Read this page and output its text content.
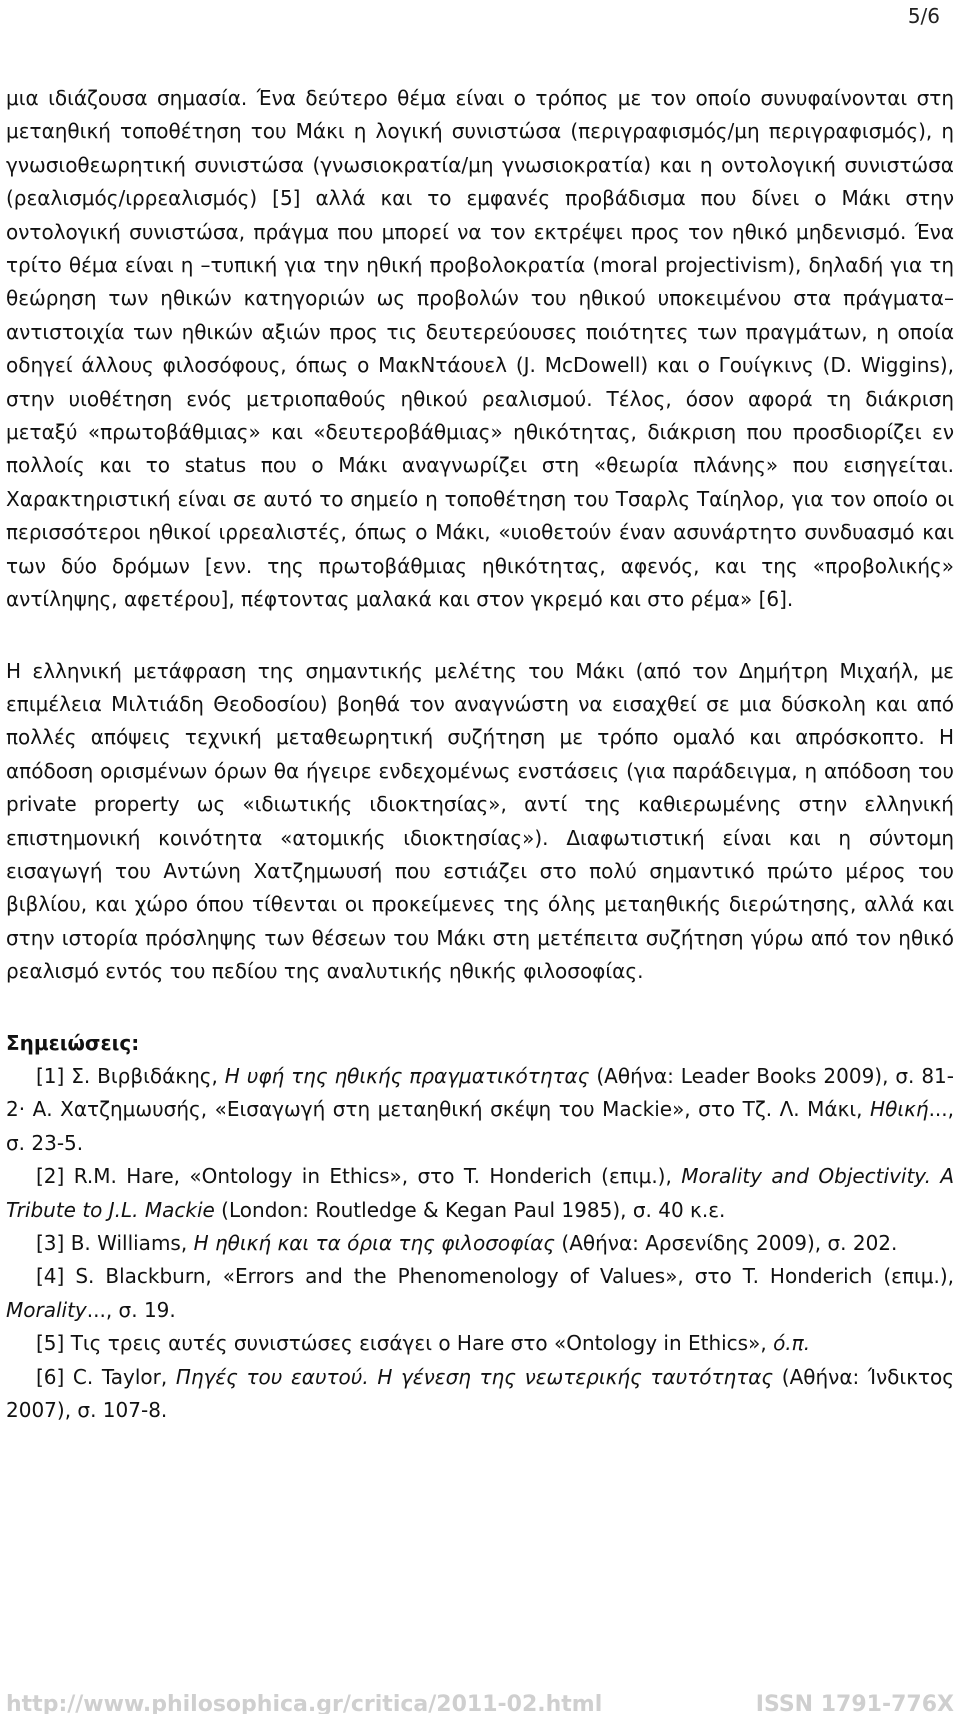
5/6

μια ιδιάζουσα σημασία. Ένα δεύτερο θέμα είναι ο τρόπος με τον οποίο συνυφαίνονται στη μεταηθική τοποθέτηση του Μάκι η λογική συνιστώσα (περιγραφισμός/μη περιγραφισμός), η γνωσιοθεωρητική συνιστώσα (γνωσιοκρατία/μη γνωσιοκρατία) και η οντολογική συνιστώσα (ρεαλισμός/ιρρεαλισμός) [5] αλλά και το εμφανές προβάδισμα που δίνει ο Μάκι στην οντολογική συνιστώσα, πράγμα που μπορεί να τον εκτρέψει προς τον ηθικό μηδενισμό. Ένα τρίτο θέμα είναι η –τυπική για την ηθική προβολοκρατία (moral projectivism), δηλαδή για τη θεώρηση των ηθικών κατηγοριών ως προβολών του ηθικού υποκειμένου στα πράγματα– αντιστοιχία των ηθικών αξιών προς τις δευτερεύουσες ποιότητες των πραγμάτων, η οποία οδηγεί άλλους φιλοσόφους, όπως ο ΜακΝτάουελ (J. McDowell) και ο Γουίγκινς (D. Wiggins), στην υιοθέτηση ενός μετριοπαθούς ηθικού ρεαλισμού. Τέλος, όσον αφορά τη διάκριση μεταξύ «πρωτοβάθμιας» και «δευτεροβάθμιας» ηθικότητας, διάκριση που προσδιορίζει εν πολλοίς και το status που ο Μάκι αναγνωρίζει στη «θεωρία πλάνης» που εισηγείται. Χαρακτηριστική είναι σε αυτό το σημείο η τοποθέτηση του Τσαρλς Ταίηλορ, για τον οποίο οι περισσότεροι ηθικοί ιρρεαλιστές, όπως ο Μάκι, «υιοθετούν έναν ασυνάρτητο συνδυασμό και των δύο δρόμων [ενν. της πρωτοβάθμιας ηθικότητας, αφενός, και της «προβολικής» αντίληψης, αφετέρου], πέφτοντας μαλακά και στον γκρεμό και στο ρέμα» [6].

Η ελληνική μετάφραση της σημαντικής μελέτης του Μάκι (από τον Δημήτρη Μιχαήλ, με επιμέλεια Μιλτιάδη Θεοδοσίου) βοηθά τον αναγνώστη να εισαχθεί σε μια δύσκολη και από πολλές απόψεις τεχνική μεταθεωρητική συζήτηση με τρόπο ομαλό και απρόσκοπτο. Η απόδοση ορισμένων όρων θα ήγειρε ενδεχομένως ενστάσεις (για παράδειγμα, η απόδοση του private property ως «ιδιωτικής ιδιοκτησίας», αντί της καθιερωμένης στην ελληνική επιστημονική κοινότητα «ατομικής ιδιοκτησίας»). Διαφωτιστική είναι και η σύντομη εισαγωγή του Αντώνη Χατζημωυσή που εστιάζει στο πολύ σημαντικό πρώτο μέρος του βιβλίου, και χώρο όπου τίθενται οι προκείμενες της όλης μεταηθικής διερώτησης, αλλά και στην ιστορία πρόσληψης των θέσεων του Μάκι στη μετέπειτα συζήτηση γύρω από τον ηθικό ρεαλισμό εντός του πεδίου της αναλυτικής ηθικής φιλοσοφίας.

Σημειώσεις:

[1] Σ. Βιρβιδάκης, Η υφή της ηθικής πραγματικότητας (Αθήνα: Leader Books 2009), σ. 81-2· Α. Χατζημωυσής, «Εισαγωγή στη μεταηθική σκέψη του Mackie», στο Τζ. Λ. Μάκι, Ηθική..., σ. 23-5.

[2] R.M. Hare, «Ontology in Ethics», στο T. Honderich (επιμ.), Morality and Objectivity. A Tribute to J.L. Mackie (London: Routledge & Kegan Paul 1985), σ. 40 κ.ε.

[3] B. Williams, Η ηθική και τα όρια της φιλοσοφίας (Αθήνα: Αρσενίδης 2009), σ. 202.

[4] S. Blackburn, «Errors and the Phenomenology of Values», στο T. Honderich (επιμ.), Morality..., σ. 19.

[5] Τις τρεις αυτές συνιστώσες εισάγει ο Hare στο «Ontology in Ethics», ό.π.

[6] C. Taylor, Πηγές του εαυτού. Η γένεση της νεωτερικής ταυτότητας (Αθήνα: Ίνδικτος 2007), σ. 107-8.

http://www.philosophica.gr/critica/2011-02.html	ISSN 1791-776X
